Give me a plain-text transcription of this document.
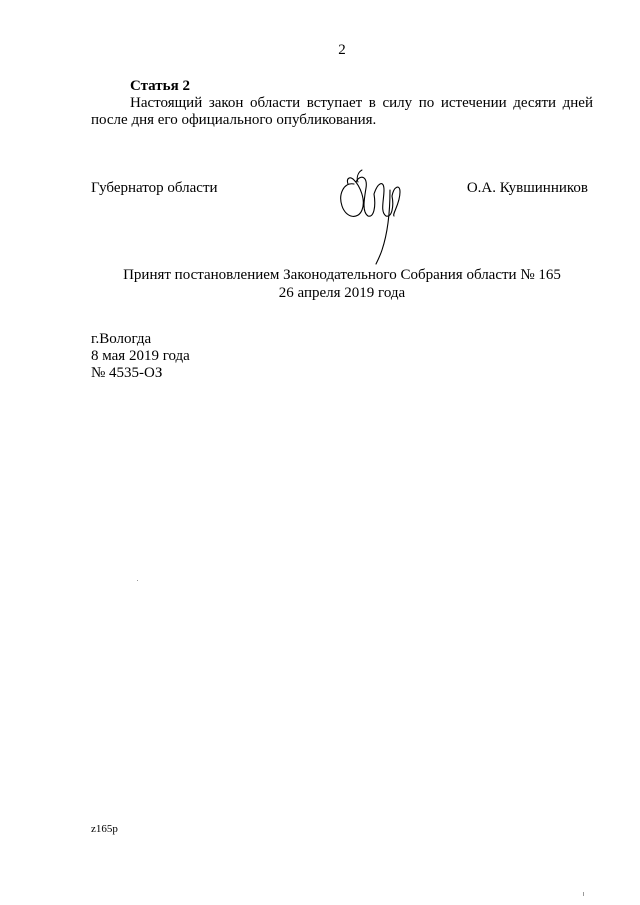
2
Статья 2
Настоящий закон области вступает в силу по истечении десяти дней после дня его официального опубликования.
Губернатор области	О.А. Кувшинников
Принят постановлением Законодательного Собрания области № 165
26 апреля 2019 года
г.Вологда
8 мая 2019 года
№ 4535-ОЗ
z165p
